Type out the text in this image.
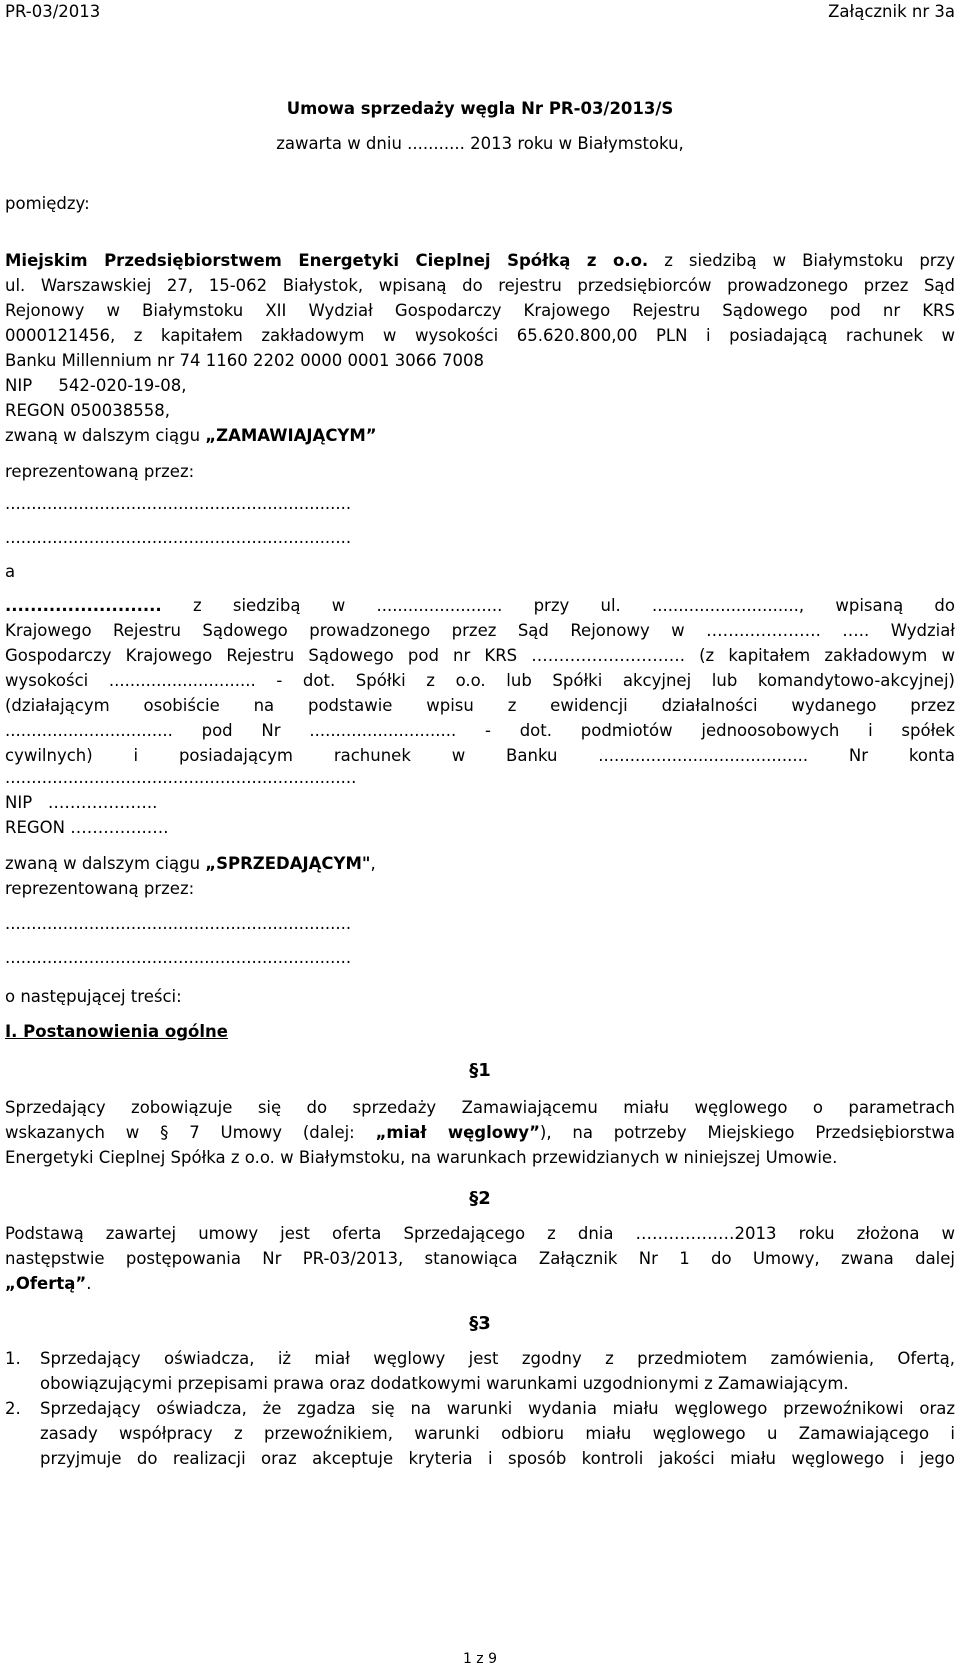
PR-03/2013	Załącznik nr 3a
Umowa sprzedaży węgla Nr PR-03/2013/S
zawarta w dniu ........... 2013 roku w Białymstoku,
pomiędzy:
Miejskim Przedsiębiorstwem Energetyki Cieplnej Spółką z o.o. z siedzibą w Białymstoku przy
ul. Warszawskiej 27, 15-062 Białystok, wpisaną do rejestru przedsiębiorców prowadzonego przez Sąd
Rejonowy w Białymstoku XII Wydział Gospodarczy Krajowego Rejestru Sądowego pod nr KRS
0000121456, z kapitałem zakładowym w wysokości 65.620.800,00 PLN i posiadającą rachunek w
Banku Millennium nr 74 1160 2202 0000 0001 3066 7008
NIP     542-020-19-08,
REGON 050038558,
zwaną w dalszym ciągu „ZAMAWIAJĄCYM”
reprezentowaną przez:
..................................................................
..................................................................
a
......................... z siedzibą w ........................ przy ul. ............................, wpisaną do
Krajowego Rejestru Sądowego prowadzonego przez Sąd Rejonowy w ……..…………. ….. Wydział
Gospodarczy Krajowego Rejestru Sądowego pod nr KRS ………………………. (z kapitałem zakładowym w
wysokości ............................ - dot. Spółki z o.o. lub Spółki akcyjnej lub komandytowo-akcyjnej)
(działającym osobiście na podstawie wpisu z ewidencji działalności wydanego przez
................................ pod Nr ............................ - dot. podmiotów jednoosobowych i spółek
cywilnych) i posiadającym rachunek w Banku ........................................ Nr konta
...................................................................
NIP   ………………..
REGON …………..….
zwaną w dalszym ciągu „SPRZEDAJĄCYM",
reprezentowaną przez:
..................................................................
..................................................................
o następującej treści:
I. Postanowienia ogólne
§1
Sprzedający zobowiązuje się do sprzedaży Zamawiającemu miału węglowego o parametrach
wskazanych w § 7 Umowy (dalej: „miał węglowy”), na potrzeby Miejskiego Przedsiębiorstwa
Energetyki Cieplnej Spółka z o.o. w Białymstoku, na warunkach przewidzianych w niniejszej Umowie.
§2
Podstawą zawartej umowy jest oferta Sprzedającego z dnia ………………2013 roku złożona w
następstwie postępowania Nr PR-03/2013, stanowiąca Załącznik Nr 1 do Umowy, zwana dalej
„Ofertą”.
§3
1. Sprzedający oświadcza, iż miał węglowy jest zgodny z przedmiotem zamówienia, Ofertą,
obowiązującymi przepisami prawa oraz dodatkowymi warunkami uzgodnionymi z Zamawiającym.
2. Sprzedający oświadcza, że zgadza się na warunki wydania miału węglowego przewoźnikowi oraz
zasady współpracy z przewoźnikiem, warunki odbioru miału węglowego u Zamawiającego i
przyjmuje do realizacji oraz akceptuje kryteria i sposób kontroli jakości miału węglowego i jego
1 z 9
